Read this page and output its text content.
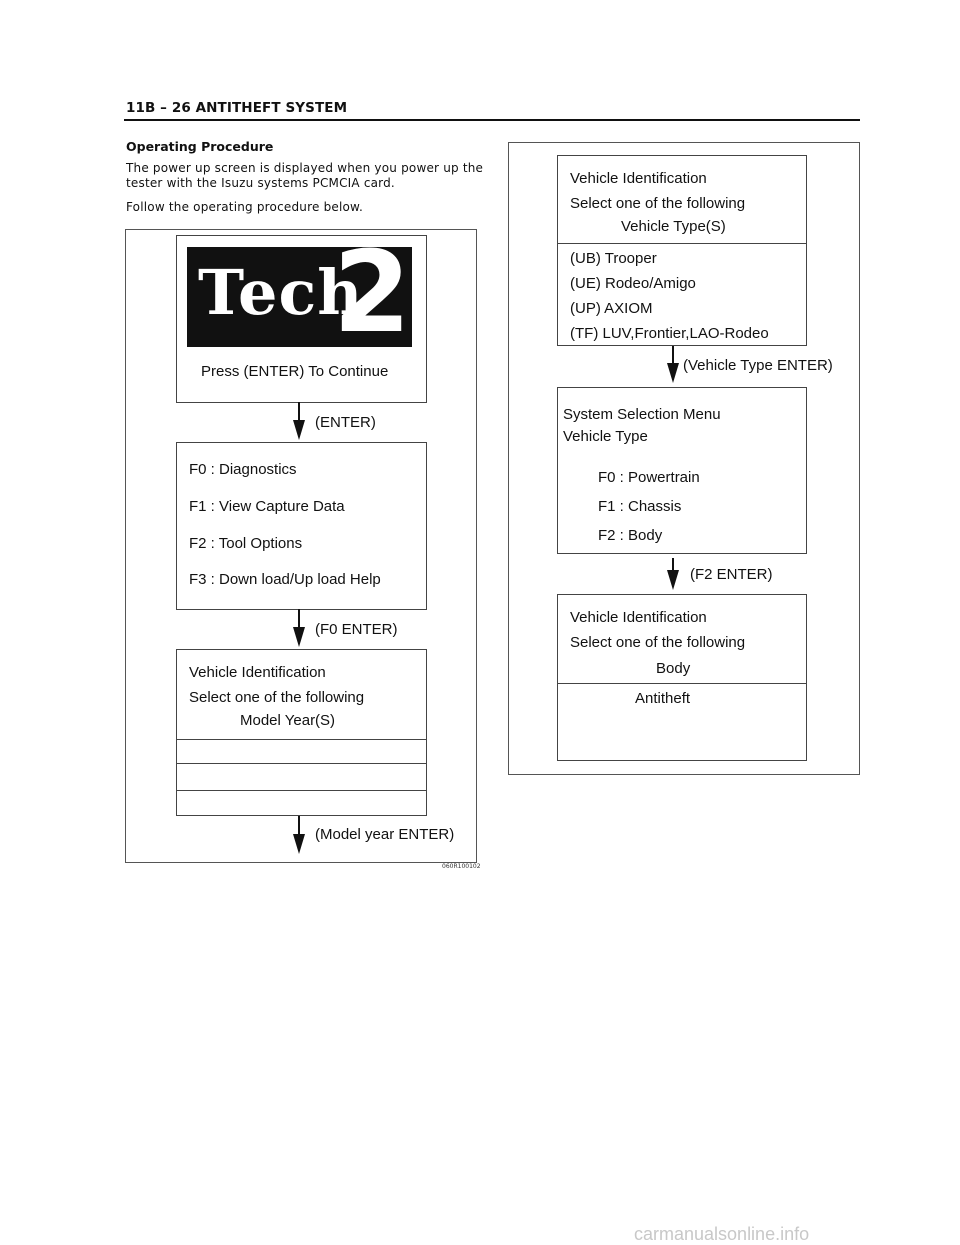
11B – 26 ANTITHEFT SYSTEM
Operating Procedure
The power up screen is displayed when you power up the tester with the Isuzu systems PCMCIA card.
Follow the operating procedure below.
Tech
2
Press (ENTER) To Continue
(ENTER)
F0 : Diagnostics
F1 : View Capture Data
F2 : Tool Options
F3 : Down load/Up load Help
(F0 ENTER)
Vehicle Identification
Select one of the following
Model Year(S)
(Model year ENTER)
060R100102
Vehicle Identification
Select one of the following
Vehicle Type(S)
(UB) Trooper
(UE) Rodeo/Amigo
(UP) AXIOM
(TF) LUV,Frontier,LAO-Rodeo
(Vehicle Type ENTER)
System Selection Menu
Vehicle Type
F0 : Powertrain
F1 : Chassis
F2 : Body
(F2 ENTER)
Vehicle Identification
Select one of the following
Body
Antitheft
carmanualsonline.info
